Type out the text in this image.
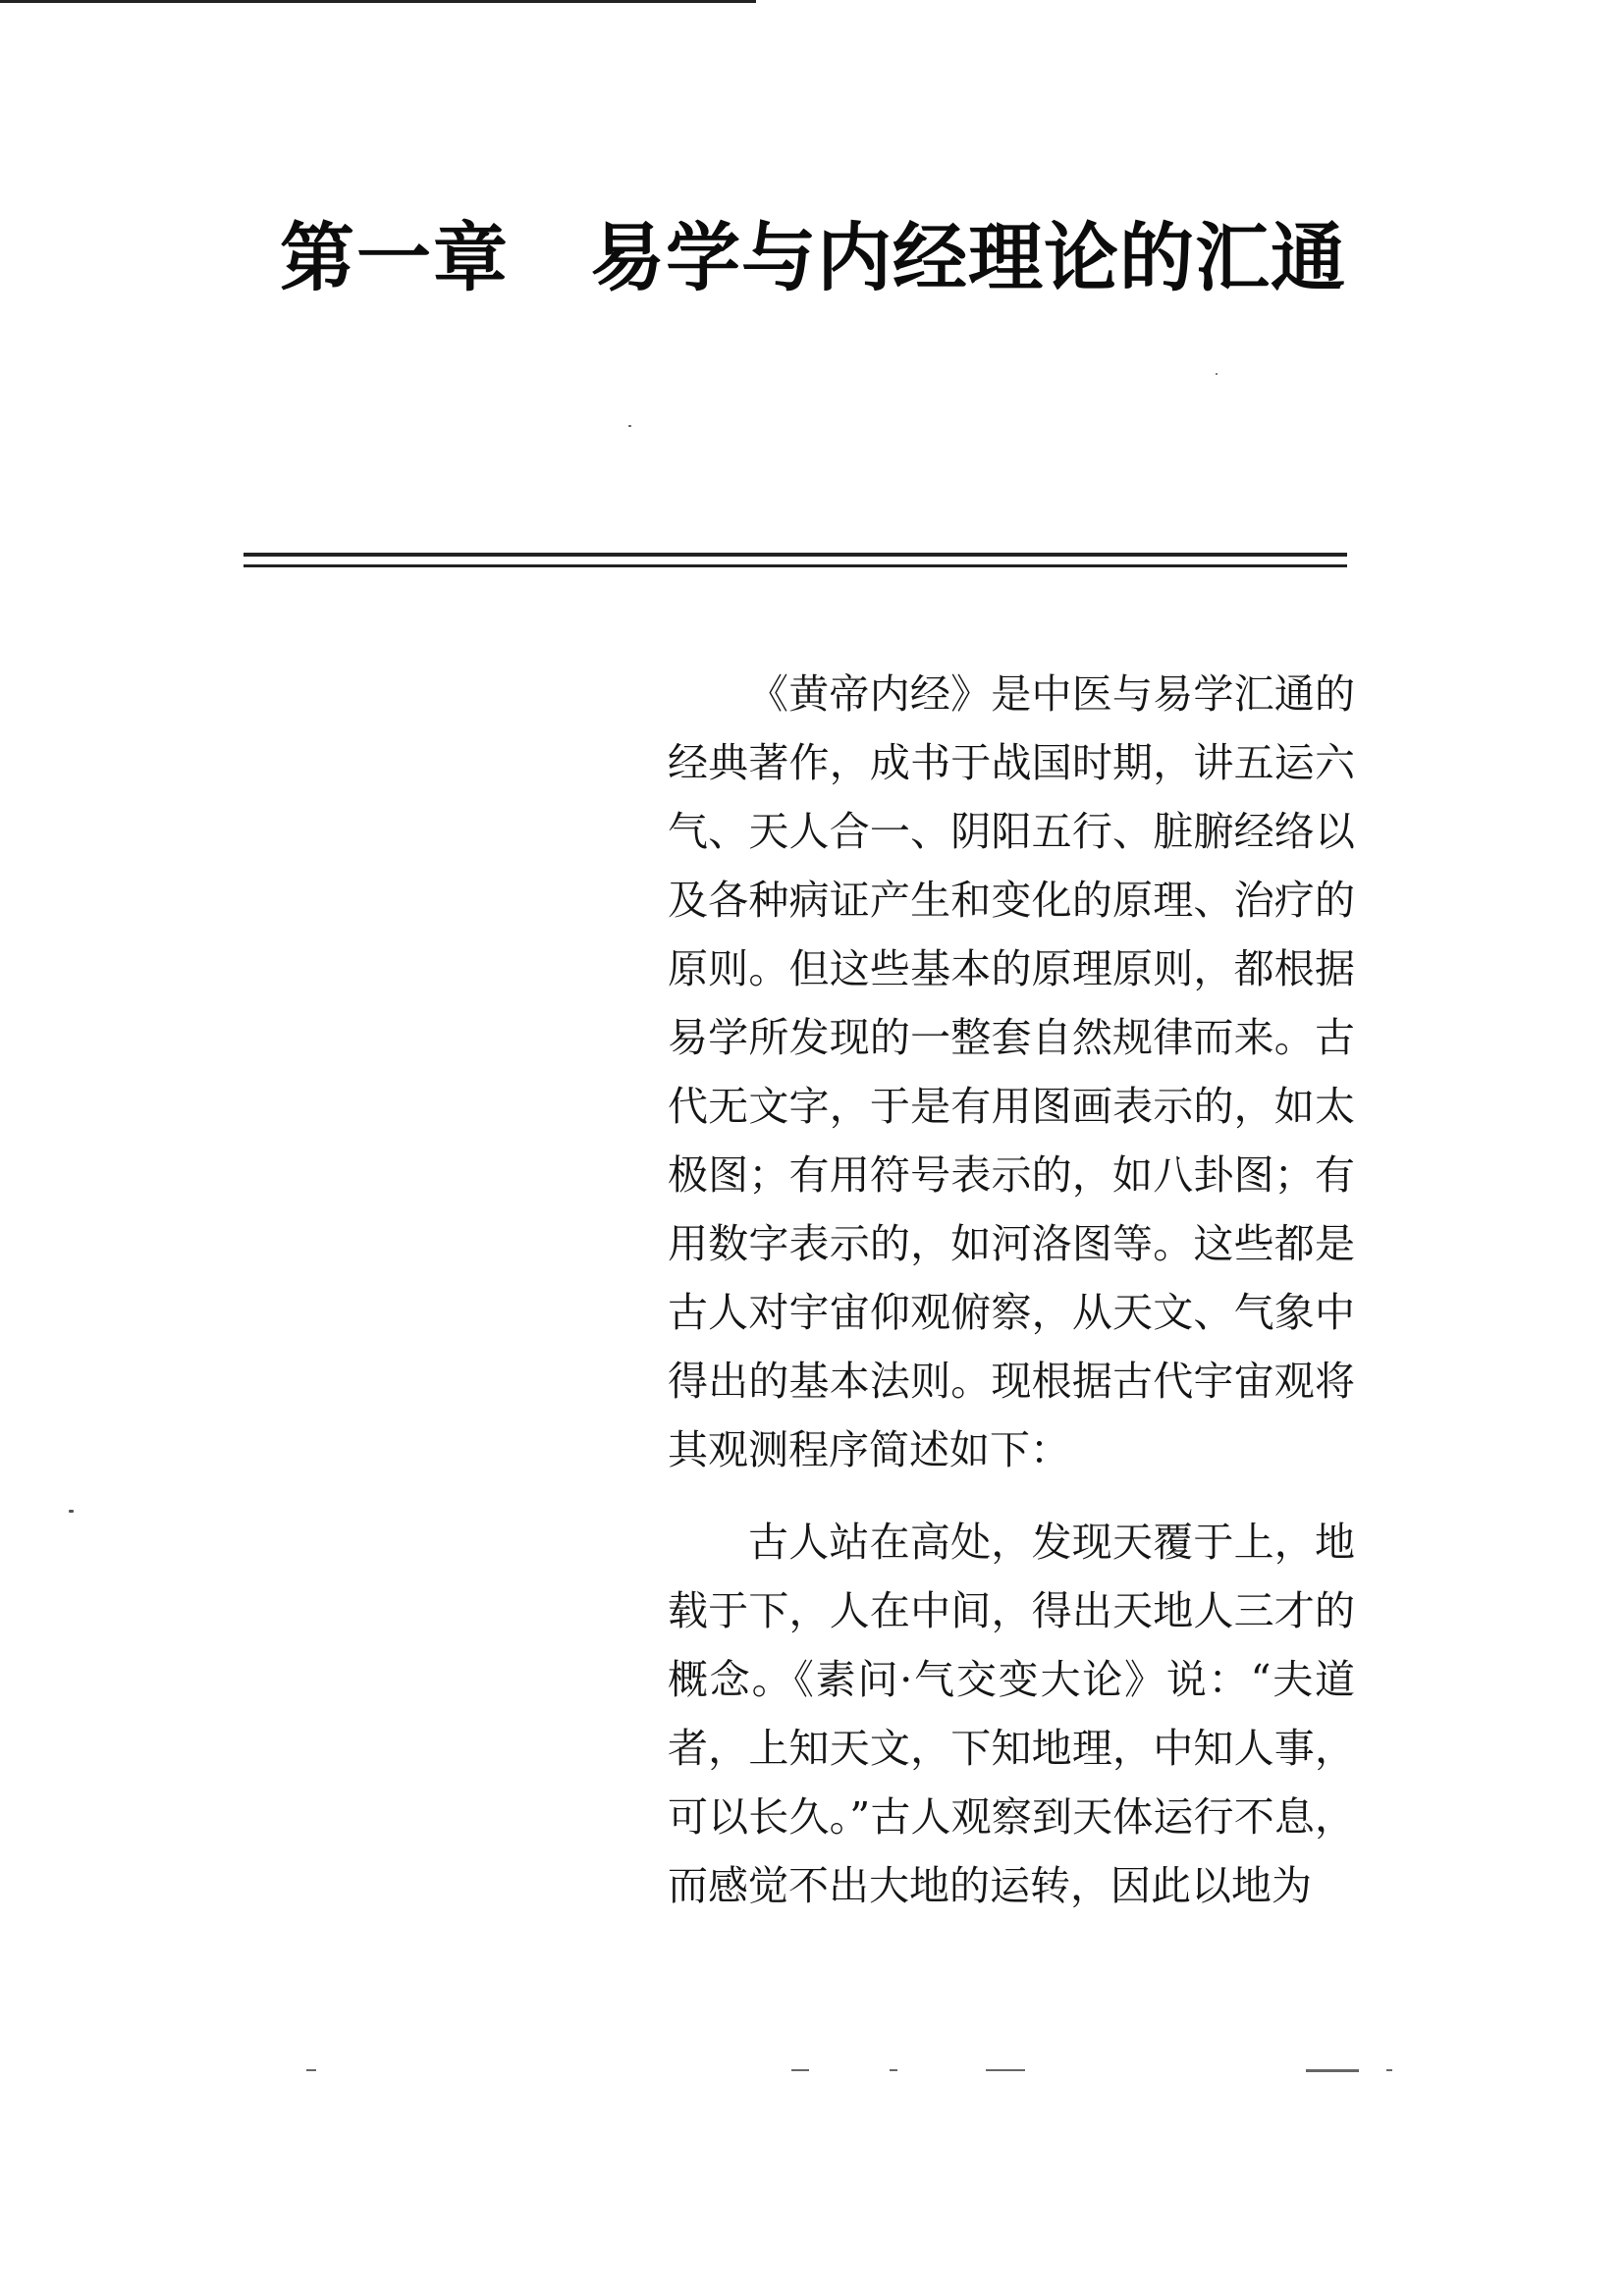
第一章 易学与内经理论的汇通

《黄帝内经》是中医与易学汇通的经典著作，成书于战国时期，讲五运六气、天人合一、阴阳五行、脏腑经络以及各种病证产生和变化的原理、治疗的原则。但这些基本的原理原则，都根据易学所发现的一整套自然规律而来。古代无文字，于是有用图画表示的，如太极图；有用符号表示的，如八卦图；有用数字表示的，如河洛图等。这些都是古人对宇宙仰观俯察，从天文、气象中得出的基本法则。现根据古代宇宙观将其观测程序简述如下：

古人站在高处，发现天覆于上，地载于下，人在中间，得出天地人三才的概念。《素问·气交变大论》说：“夫道者，上知天文，下知地理，中知人事，可以长久。”古人观察到天体运行不息，而感觉不出大地的运转，因此以地为
